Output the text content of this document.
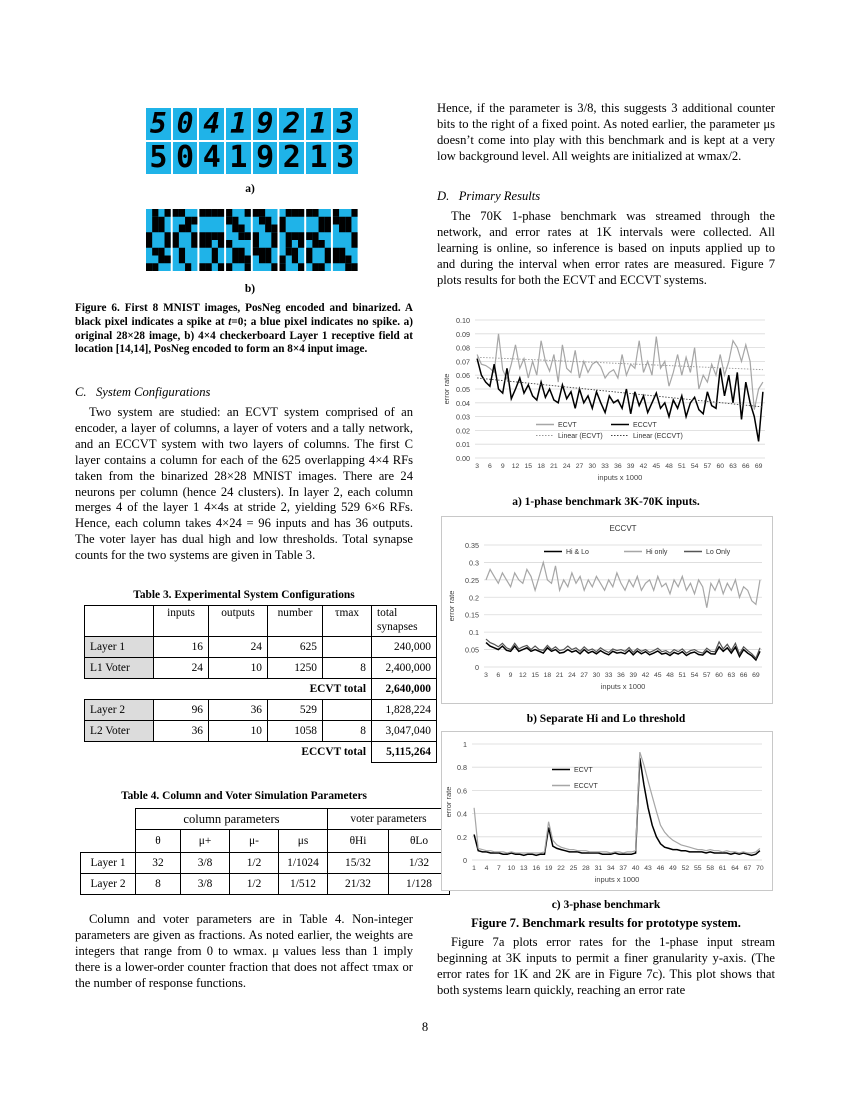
5 0 4 1 9 2 1 3
5 0 4 1 9 2 1 3
a)
b)
Figure 6. First 8 MNIST images, PosNeg encoded and binarized. A black pixel indicates a spike at t=0; a blue pixel indicates no spike. a) original 28×28 image, b) 4×4 checkerboard Layer 1 receptive field at location [14,14], PosNeg encoded to form an 8×4 input image.
C.   System Configurations

Two system are studied: an ECVT system comprised of an encoder, a layer of columns, a layer of voters and a tally network, and an ECCVT system with two layers of columns. The first C layer contains a column for each of the 625 overlapping 4×4 RFs taken from the binarized 28×28 MNIST images. There are 24 neurons per column (hence 24 clusters). In layer 2, each column merges 4 of the layer 1 4×4s at stride 2, yielding 529 6×6 RFs. Hence, each column takes 4×24 = 96 inputs and has 36 outputs. The voter layer has dual high and low thresholds. Total synapse counts for the two systems are given in Table 3.

Table 3. Experimental System Configurations
	inputs	outputs	number	τmax	total synapses
Layer 1	16	24	625		240,000
L1 Voter	24	10	1250	8	2,400,000
ECVT total					2,640,000
Layer 2	96	36	529		1,828,224
L2 Voter	36	10	1058	8	3,047,040
ECCVT total					5,115,264
Table 4. Column and Voter Simulation Parameters
	column parameters				voter parameters	
	θ	μ+	μ-	μs	θHi	θLo
Layer 1	32	3/8	1/2	1/1024	15/32	1/32
Layer 2	8	3/8	1/2	1/512	21/32	1/128

Column and voter parameters are in Table 4. Non-integer parameters are given as fractions. As noted earlier, the weights are integers that range from 0 to wmax. μ values less than 1 imply there is a lower-order counter fraction that does not affect τmax or the number of response functions.

Hence, if the parameter is 3/8, this suggests 3 additional counter bits to the right of a fixed point. As noted earlier, the parameter μs doesn’t come into play with this benchmark and is kept at a very low background level. All weights are initialized at wmax/2.

D.   Primary Results

The 70K 1-phase benchmark was streamed through the network, and error rates at 1K intervals were collected. All learning is online, so inference is based on inputs applied up to and during the interval when error rates are measured. Figure 7 plots results for both the ECVT and ECCVT systems.

0.00
0.01
0.02
0.03
0.04
0.05
0.06
0.07
0.08
0.09
0.10
3 6 9 12 15 18 21 24 27 30 33 36 39 42 45 48 51 54 57 60 63 66 69
inputs x 1000
error rate
ECVT	ECCVT
Linear (ECVT)	Linear (ECCVT)
a) 1-phase benchmark 3K-70K inputs.
0
0.05
0.1
0.15
0.2
0.25
0.3
0.35
3 6 9 12 15 18 21 24 27 30 33 36 39 42 45 48 51 54 57 60 63 66 69
inputs x 1000
error rate
ECCVT
Hi & Lo	Hi only	Lo Only
b) Separate Hi and Lo threshold
0
0.2
0.4
0.6
0.8
1
1 4 7 10 13 16 19 22 25 28 31 34 37 40 43 46 49 52 55 58 61 64 67 70
inputs x 1000
error rate
ECVT
ECCVT
c) 3-phase benchmark
Figure 7. Benchmark results for prototype system.

Figure 7a plots error rates for the 1-phase input stream beginning at 3K inputs to permit a finer granularity y-axis. (The error rates for 1K and 2K are in Figure 7c). This plot shows that both systems learn quickly, reaching an error rate

8
